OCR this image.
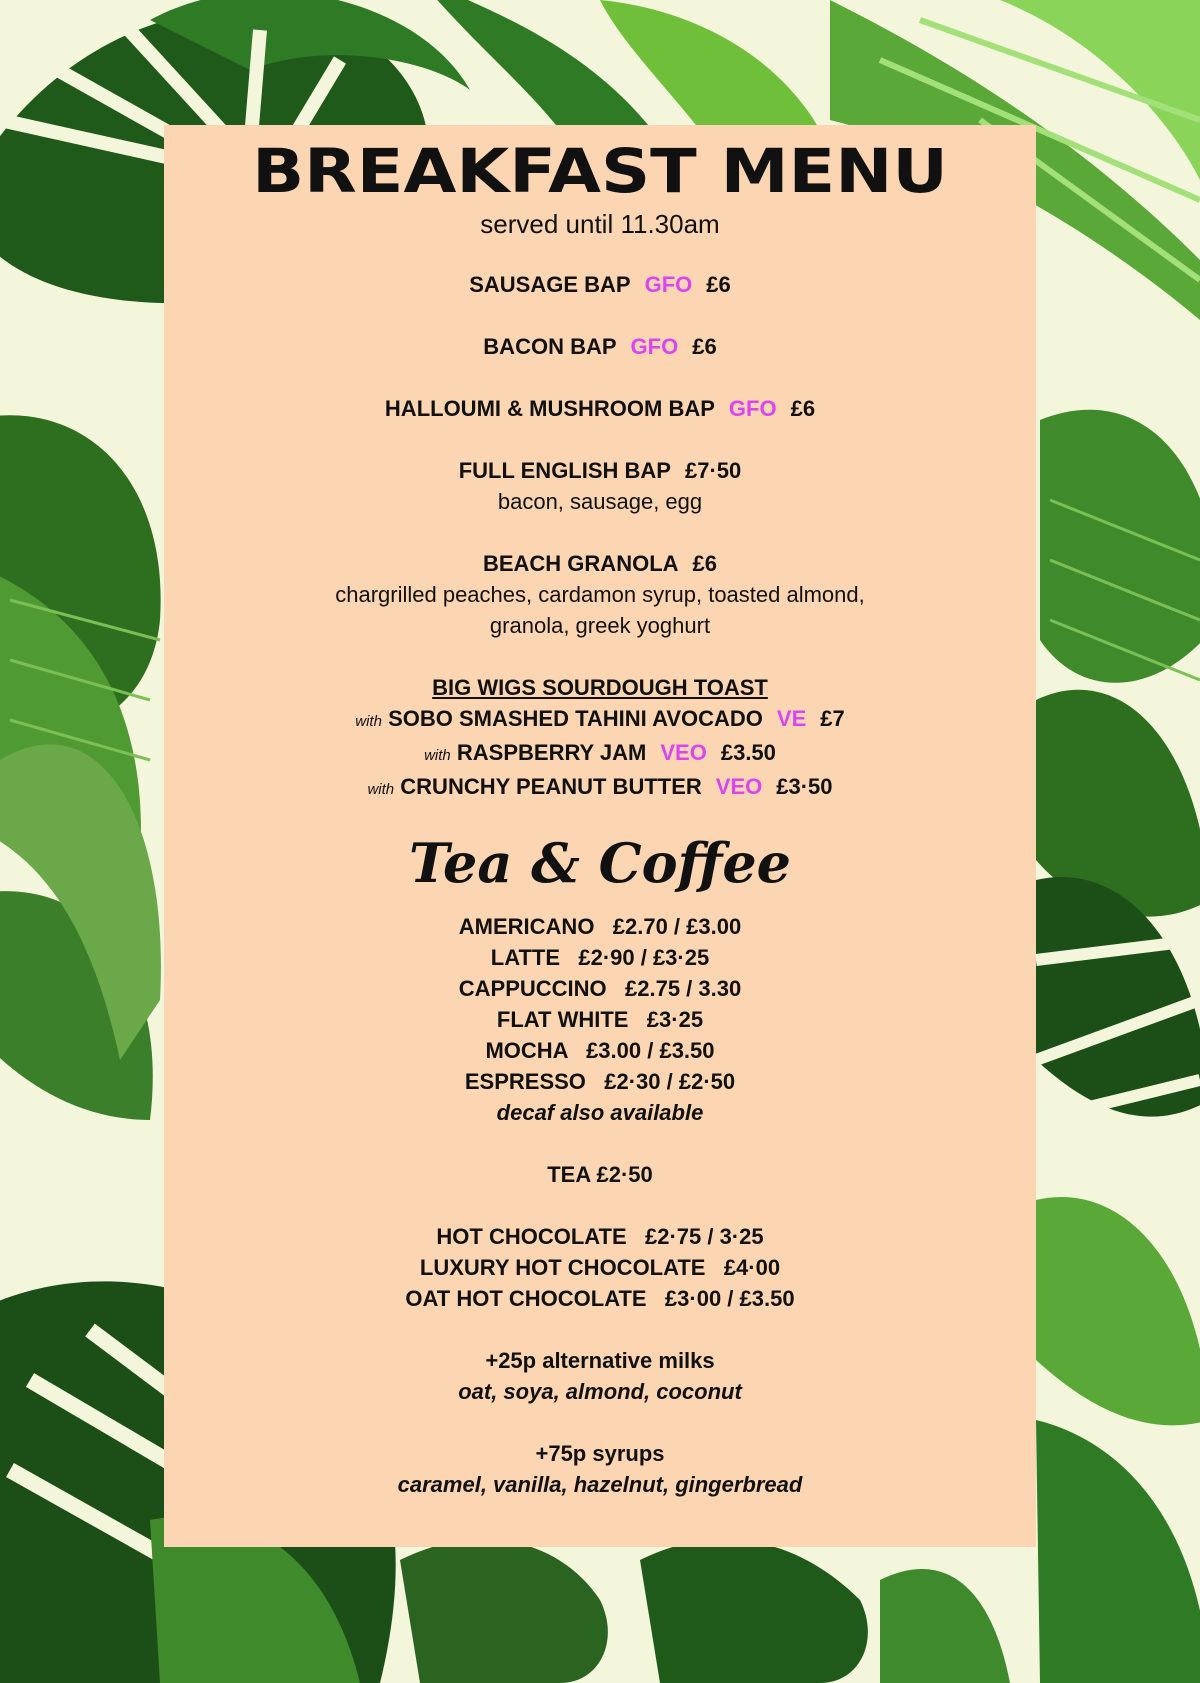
BREAKFAST MENU
served until 11.30am
SAUSAGE BAP GFO £6
BACON BAP GFO £6
HALLOUMI & MUSHROOM BAP GFO £6
FULL ENGLISH BAP £7·50
bacon, sausage, egg
BEACH GRANOLA £6
chargrilled peaches, cardamon syrup, toasted almond,
granola, greek yoghurt
BIG WIGS SOURDOUGH TOAST
with SOBO SMASHED TAHINI AVOCADO VE £7
with RASPBERRY JAM VEO £3.50
with CRUNCHY PEANUT BUTTER VEO £3·50
Tea & Coffee
AMERICANO   £2.70 / £3.00
LATTE   £2·90 / £3·25
CAPPUCCINO   £2.75 / 3.30
FLAT WHITE   £3·25
MOCHA   £3.00 / £3.50
ESPRESSO   £2·30 / £2·50
decaf also available
TEA £2·50
HOT CHOCOLATE   £2·75 / 3·25
LUXURY HOT CHOCOLATE   £4·00
OAT HOT CHOCOLATE   £3·00 / £3.50
+25p alternative milks
oat, soya, almond, coconut
+75p syrups
caramel, vanilla, hazelnut, gingerbread
